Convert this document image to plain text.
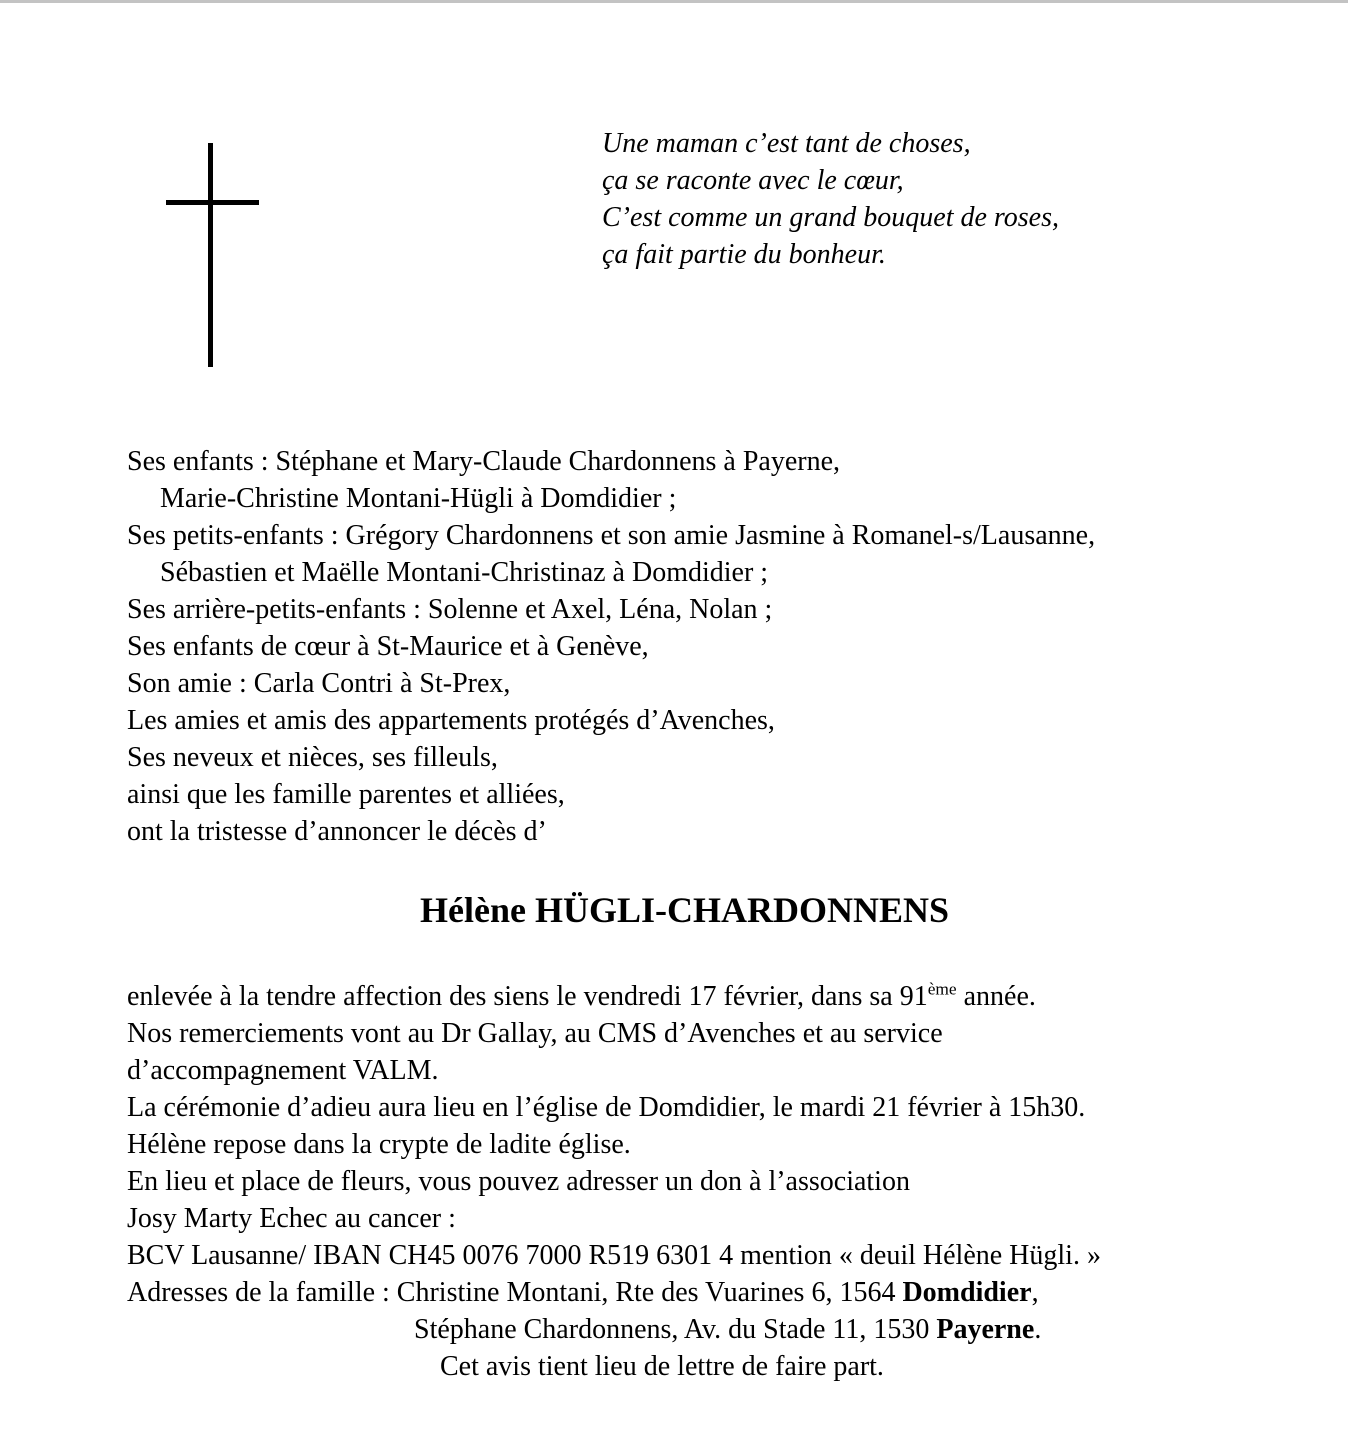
Une maman c’est tant de choses,
ça se raconte avec le cœur,
C’est comme un grand bouquet de roses,
ça fait partie du bonheur.
Ses enfants : Stéphane et Mary-Claude Chardonnens à Payerne,
Marie-Christine Montani-Hügli à Domdidier ;
Ses petits-enfants : Grégory Chardonnens et son amie Jasmine à Romanel-s/Lausanne,
Sébastien et Maëlle Montani-Christinaz à Domdidier ;
Ses arrière-petits-enfants : Solenne et Axel, Léna, Nolan ;
Ses enfants de cœur à St-Maurice et à Genève,
Son amie : Carla Contri à St-Prex,
Les amies et amis des appartements protégés d’Avenches,
Ses neveux et nièces, ses filleuls,
ainsi que les famille parentes et alliées,
ont la tristesse d’annoncer le décès d’
Hélène HÜGLI-CHARDONNENS
enlevée à la tendre affection des siens le vendredi 17 février, dans sa 91ème année.
Nos remerciements vont au Dr Gallay, au CMS d’Avenches et au service
d’accompagnement VALM.
La cérémonie d’adieu aura lieu en l’église de Domdidier, le mardi 21 février à 15h30.
Hélène repose dans la crypte de ladite église.
En lieu et place de fleurs, vous pouvez adresser un don à l’association
Josy Marty Echec au cancer :
BCV Lausanne/ IBAN CH45 0076 7000 R519 6301 4 mention « deuil Hélène Hügli. »
Adresses de la famille : Christine Montani, Rte des Vuarines 6, 1564 Domdidier,
Stéphane Chardonnens, Av. du Stade 11, 1530 Payerne.
Cet avis tient lieu de lettre de faire part.
